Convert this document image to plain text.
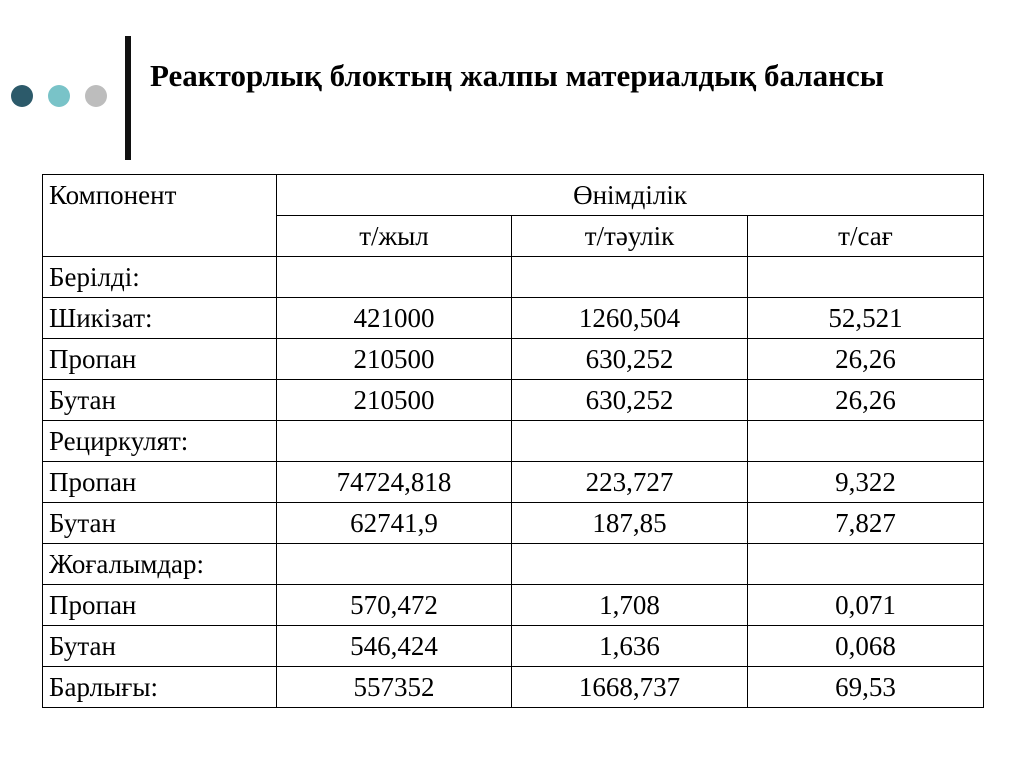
Реакторлық блоктың жалпы материалдық балансы
Компонент	Өнімділік		
	т/жыл	т/тәулік	т/сағ
Берілді:			
Шикізат:	421000	1260,504	52,521
Пропан	210500	630,252	26,26
Бутан	210500	630,252	26,26
Рециркулят:			
Пропан	74724,818	223,727	9,322
Бутан	62741,9	187,85	7,827
Жоғалымдар:			
Пропан	570,472	1,708	0,071
Бутан	546,424	1,636	0,068
Барлығы:	557352	1668,737	69,53
